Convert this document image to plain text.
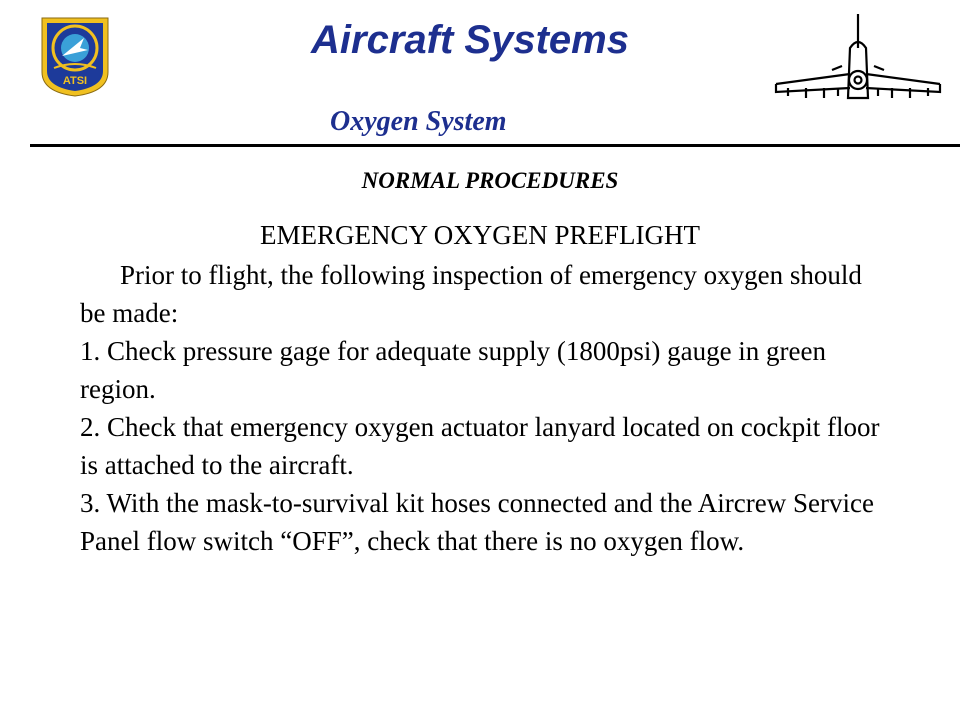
ATSI
Aircraft Systems
Oxygen System
NORMAL PROCEDURES
EMERGENCY OXYGEN PREFLIGHT

Prior to flight, the following inspection of emergency oxygen should be made:

1. Check pressure gage for adequate supply (1800psi) gauge in green region.

2. Check that emergency oxygen actuator lanyard located on cockpit floor is attached to the aircraft.

3. With the mask-to-survival kit hoses connected and the Aircrew Service Panel flow switch “OFF”, check that there is no oxygen flow.
